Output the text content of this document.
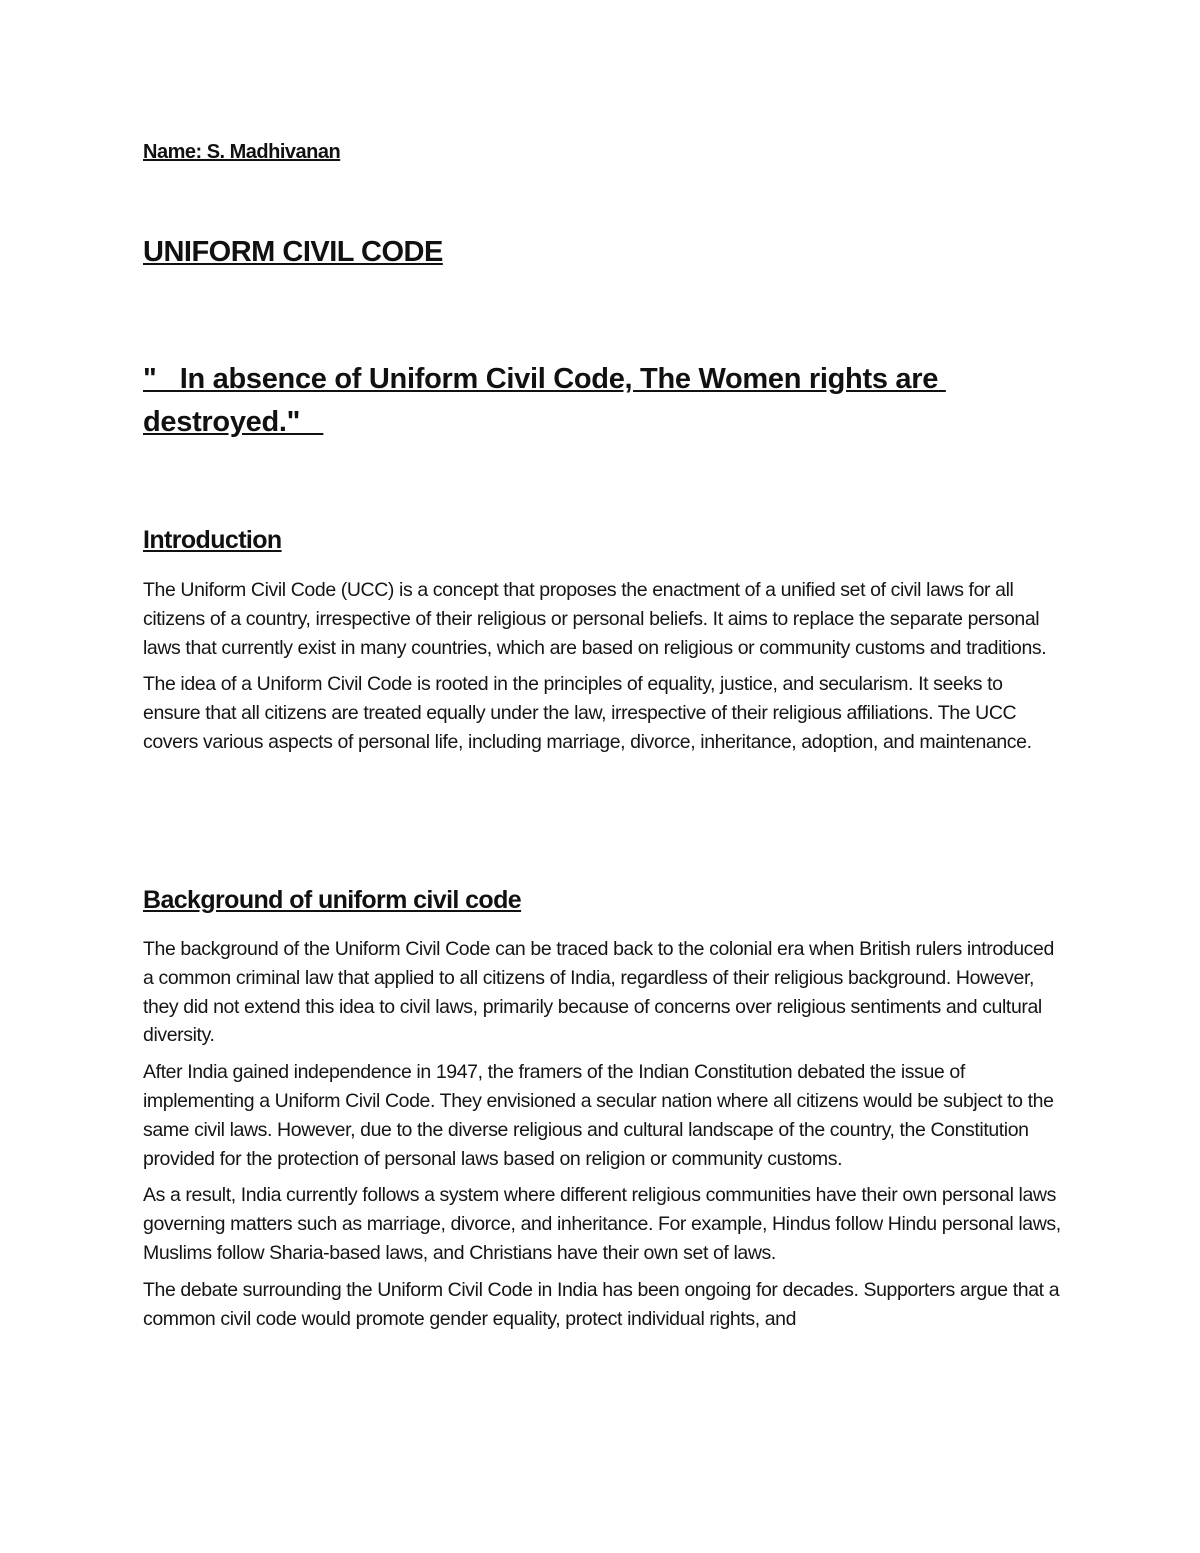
Name: S. Madhivanan
UNIFORM CIVIL CODE
"   In absence of Uniform Civil Code, The Women rights are destroyed."
Introduction

The Uniform Civil Code (UCC) is a concept that proposes the enactment of a unified set of civil laws for all citizens of a country, irrespective of their religious or personal beliefs. It aims to replace the separate personal laws that currently exist in many countries, which are based on religious or community customs and traditions.

The idea of a Uniform Civil Code is rooted in the principles of equality, justice, and secularism. It seeks to ensure that all citizens are treated equally under the law, irrespective of their religious affiliations. The UCC covers various aspects of personal life, including marriage, divorce, inheritance, adoption, and maintenance.

Background of uniform civil code

The background of the Uniform Civil Code can be traced back to the colonial era when British rulers introduced a common criminal law that applied to all citizens of India, regardless of their religious background. However, they did not extend this idea to civil laws, primarily because of concerns over religious sentiments and cultural diversity.

After India gained independence in 1947, the framers of the Indian Constitution debated the issue of implementing a Uniform Civil Code. They envisioned a secular nation where all citizens would be subject to the same civil laws. However, due to the diverse religious and cultural landscape of the country, the Constitution provided for the protection of personal laws based on religion or community customs.

As a result, India currently follows a system where different religious communities have their own personal laws governing matters such as marriage, divorce, and inheritance. For example, Hindus follow Hindu personal laws, Muslims follow Sharia-based laws, and Christians have their own set of laws.

The debate surrounding the Uniform Civil Code in India has been ongoing for decades. Supporters argue that a common civil code would promote gender equality, protect individual rights, and
